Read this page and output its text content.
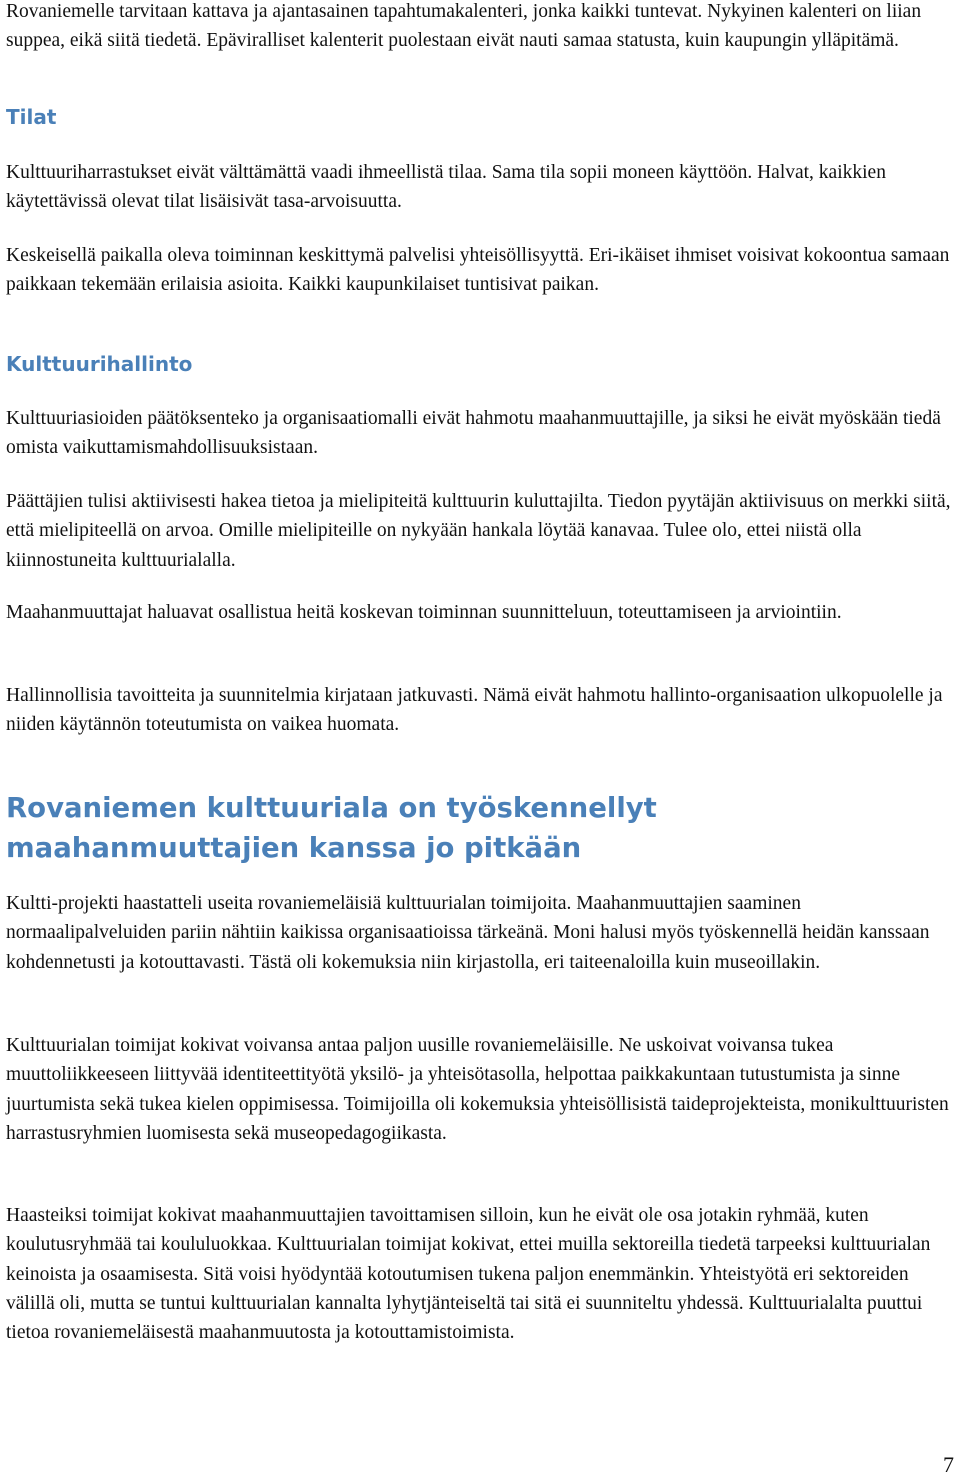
Rovaniemelle tarvitaan kattava ja ajantasainen tapahtumakalenteri, jonka kaikki tuntevat. Nykyinen kalenteri on liian suppea, eikä siitä tiedetä. Epäviralliset kalenterit puolestaan eivät nauti samaa statusta, kuin kaupungin ylläpitämä.

Tilat

Kulttuuriharrastukset eivät välttämättä vaadi ihmeellistä tilaa. Sama tila sopii moneen käyttöön. Halvat, kaikkien käytettävissä olevat tilat lisäisivät tasa-arvoisuutta.

Keskeisellä paikalla oleva toiminnan keskittymä palvelisi yhteisöllisyyttä. Eri-ikäiset ihmiset voisivat kokoontua samaan paikkaan tekemään erilaisia asioita. Kaikki kaupunkilaiset tuntisivat paikan.

Kulttuurihallinto

Kulttuuriasioiden päätöksenteko ja organisaatiomalli eivät hahmotu maahanmuuttajille, ja siksi he eivät myöskään tiedä omista vaikuttamismahdollisuuksistaan.

Päättäjien tulisi aktiivisesti hakea tietoa ja mielipiteitä kulttuurin kuluttajilta. Tiedon pyytäjän aktiivisuus on merkki siitä, että mielipiteellä on arvoa. Omille mielipiteille on nykyään hankala löytää kanavaa. Tulee olo, ettei niistä olla kiinnostuneita kulttuurialalla.

Maahanmuuttajat haluavat osallistua heitä koskevan toiminnan suunnitteluun, toteuttamiseen ja arviointiin.

Hallinnollisia tavoitteita ja suunnitelmia kirjataan jatkuvasti. Nämä eivät hahmotu hallinto-organisaation ulkopuolelle ja niiden käytännön toteutumista on vaikea huomata.

Rovaniemen kulttuuriala on työskennellyt maahanmuuttajien kanssa jo pitkään

Kultti-projekti haastatteli useita rovaniemeläisiä kulttuurialan toimijoita. Maahanmuuttajien saaminen normaalipalveluiden pariin nähtiin kaikissa organisaatioissa tärkeänä. Moni halusi myös työskennellä heidän kanssaan kohdennetusti ja kotouttavasti. Tästä oli kokemuksia niin kirjastolla, eri taiteenaloilla kuin museoillakin.

Kulttuurialan toimijat kokivat voivansa antaa paljon uusille rovaniemeläisille. Ne uskoivat voivansa tukea muuttoliikkeeseen liittyvää identiteettityötä yksilö- ja yhteisötasolla, helpottaa paikkakuntaan tutustumista ja sinne juurtumista sekä tukea kielen oppimisessa. Toimijoilla oli kokemuksia yhteisöllisistä taideprojekteista, monikulttuuristen harrastusryhmien luomisesta sekä museopedagogiikasta.

Haasteiksi toimijat kokivat maahanmuuttajien tavoittamisen silloin, kun he eivät ole osa jotakin ryhmää, kuten koulutusryhmää tai koululuokkaa. Kulttuurialan toimijat kokivat, ettei muilla sektoreilla tiedetä tarpeeksi kulttuurialan keinoista ja osaamisesta. Sitä voisi hyödyntää kotoutumisen tukena paljon enemmänkin. Yhteistyötä eri sektoreiden välillä oli, mutta se tuntui kulttuurialan kannalta lyhytjänteiseltä tai sitä ei suunniteltu yhdessä. Kulttuurialalta puuttui tietoa rovaniemeläisestä maahanmuutosta ja kotouttamistoimista.

7
